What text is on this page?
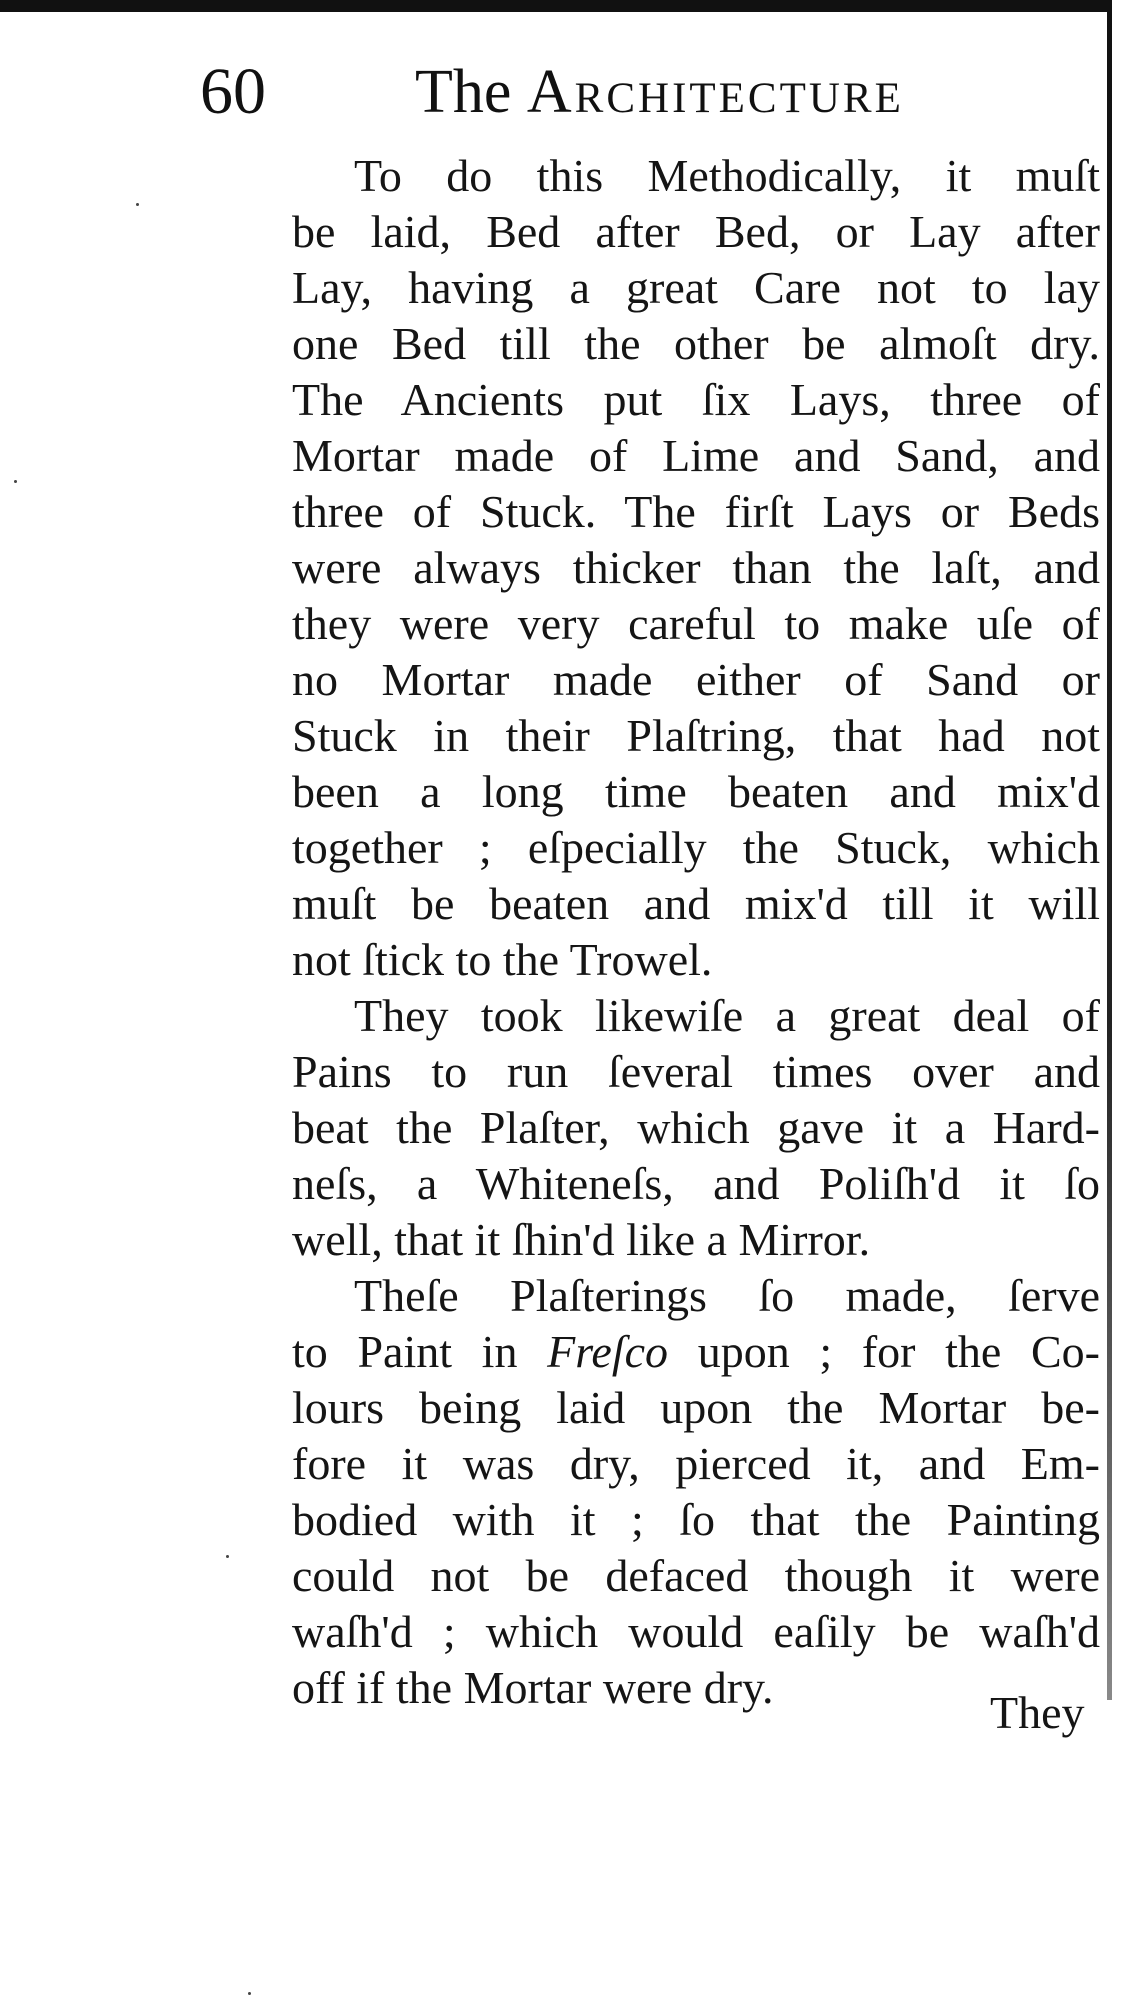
60 The Architecture
To do this Methodically, it muſt
be laid, Bed after Bed, or Lay after
Lay, having a great Care not to lay
one Bed till the other be almoſt dry.
The Ancients put ſix Lays, three of
Mortar made of Lime and Sand, and
three of Stuck. The firſt Lays or Beds
were always thicker than the laſt, and
they were very careful to make uſe of
no Mortar made either of Sand or
Stuck in their Plaſtring, that had not
been a long time beaten and mix'd
together ; eſpecially the Stuck, which
muſt be beaten and mix'd till it will
not ſtick to the Trowel.
They took likewiſe a great deal of
Pains to run ſeveral times over and
beat the Plaſter, which gave it a Hard-
neſs, a Whiteneſs, and Poliſh'd it ſo
well, that it ſhin'd like a Mirror.
Theſe Plaſterings ſo made, ſerve
to Paint in Freſco upon ; for the Co-
lours being laid upon the Mortar be-
fore it was dry, pierced it, and Em-
bodied with it ; ſo that the Painting
could not be defaced though it were
waſh'd ; which would eaſily be waſh'd
off if the Mortar were dry.	They
